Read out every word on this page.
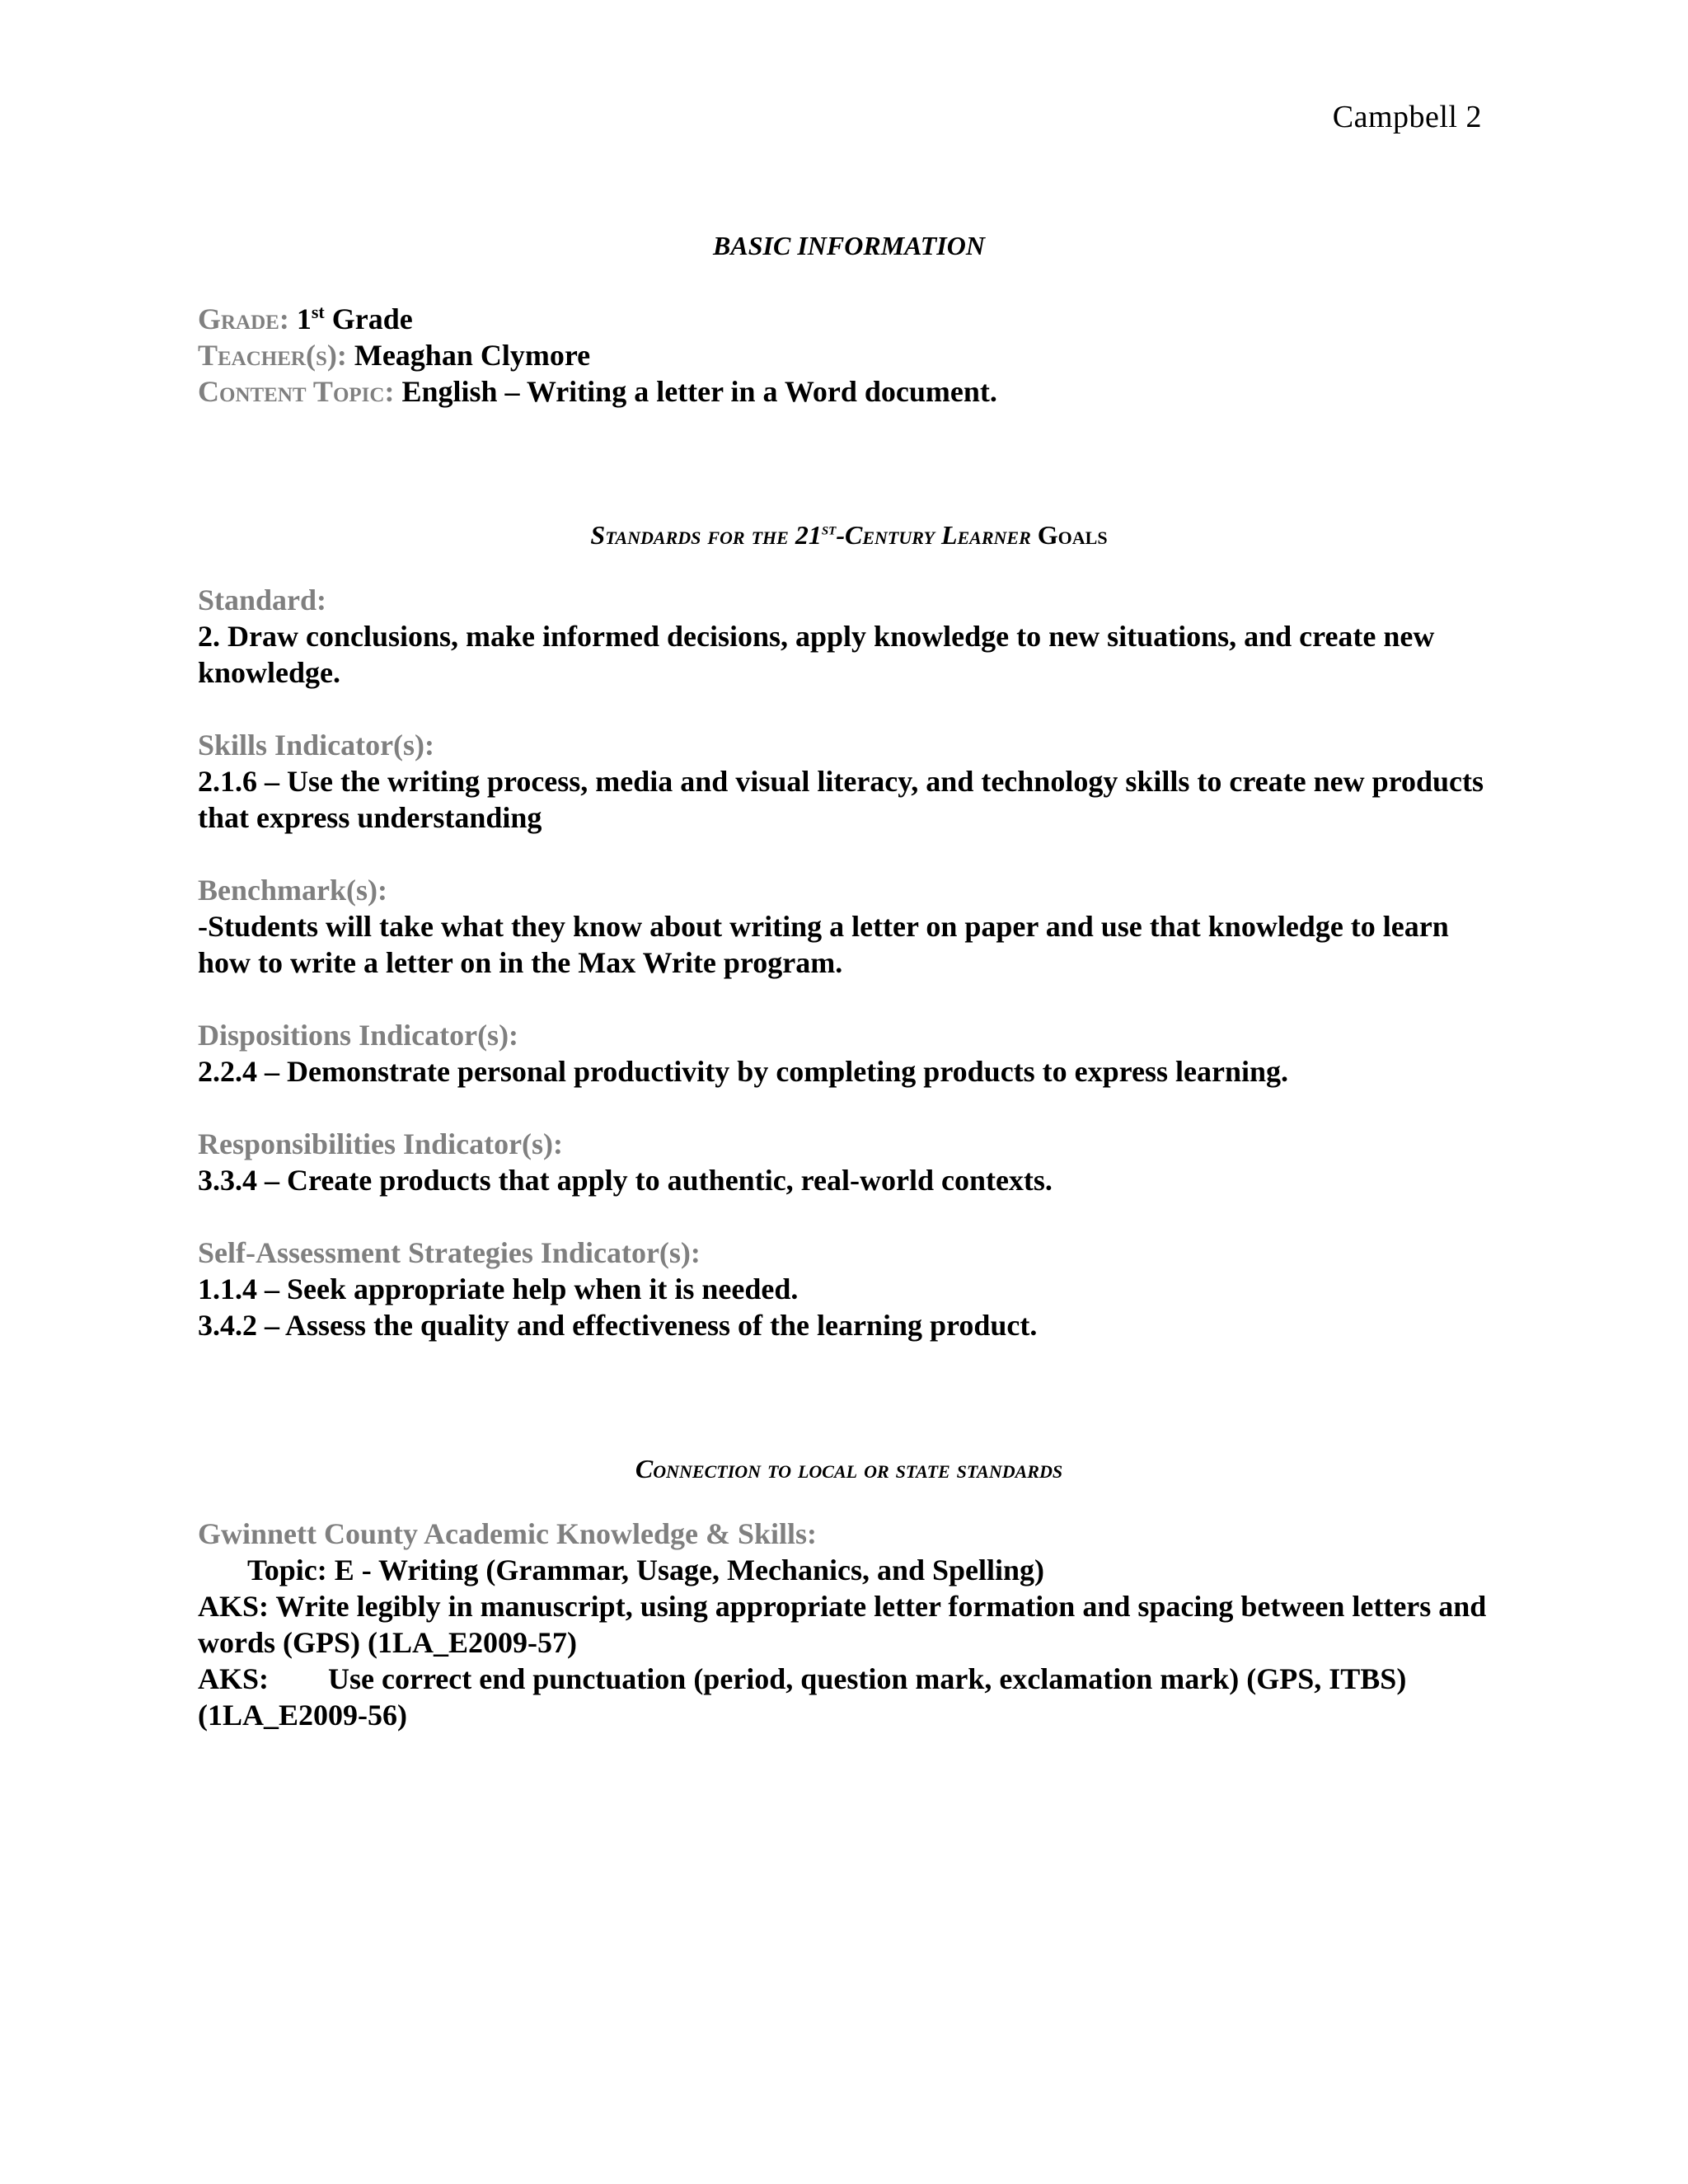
Campbell 2

BASIC INFORMATION

Grade: 1st Grade

Teacher(s): Meaghan Clymore

Content Topic: English – Writing a letter in a Word document.

Standards for the 21st-Century Learner Goals

Standard:

2. Draw conclusions, make informed decisions, apply knowledge to new situations, and create new knowledge.

Skills Indicator(s):

2.1.6 – Use the writing process, media and visual literacy, and technology skills to create new products that express understanding

Benchmark(s):

-Students will take what they know about writing a letter on paper and use that knowledge to learn how to write a letter on in the Max Write program.

Dispositions Indicator(s):

2.2.4 – Demonstrate personal productivity by completing products to express learning.

Responsibilities Indicator(s):

3.3.4 – Create products that apply to authentic, real-world contexts.

Self-Assessment Strategies Indicator(s):

1.1.4 – Seek appropriate help when it is needed.

3.4.2 – Assess the quality and effectiveness of the learning product.

Connection to local or state standards

Gwinnett County Academic Knowledge & Skills:

Topic: E - Writing (Grammar, Usage, Mechanics, and Spelling)

AKS: Write legibly in manuscript, using appropriate letter formation and spacing between letters and words (GPS) (1LA_E2009-57)

AKS: Use correct end punctuation (period, question mark, exclamation mark) (GPS, ITBS) (1LA_E2009-56)
